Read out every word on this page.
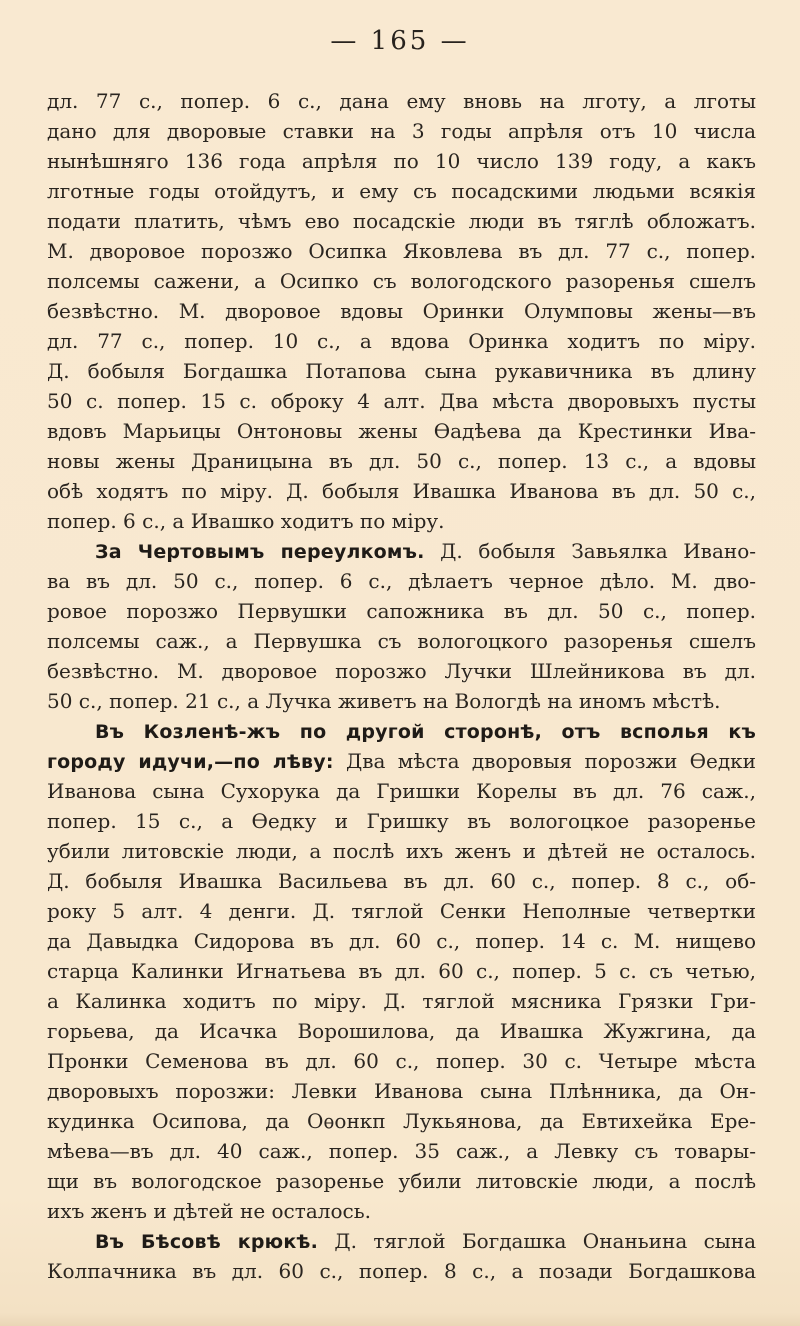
— 165 —
дл. 77 с., попер. 6 с., дана ему вновь на лготу, а лготы
дано для дворовые ставки на 3 годы апрѣля отъ 10 числа
нынѣшняго 136 года апрѣля по 10 число 139 году, а какъ
лготные годы отойдутъ, и ему съ посадскими людьми всякія
подати платить, чѣмъ ево посадскіе люди въ тяглѣ обложатъ.
М. дворовое порозжо Осипка Яковлева въ дл. 77 с., попер.
полсемы сажени, а Осипко съ вологодского разоренья сшелъ
безвѣстно. М. дворовое вдовы Оринки Олумповы жены—въ
дл. 77 с., попер. 10 с., а вдова Оринка ходитъ по міру.
Д. бобыля Богдашка Потапова сына рукавичника въ длину
50 с. попер. 15 с. оброку 4 алт. Два мѣста дворовыхъ пусты
вдовъ Марьицы Онтоновы жены Ѳадѣева да Крестинки Ива-
новы жены Драницына въ дл. 50 с., попер. 13 с., а вдовы
обѣ ходятъ по міру. Д. бобыля Ивашка Иванова въ дл. 50 с.,
попер. 6 с., а Ивашко ходитъ по міру.
За Чертовымъ переулкомъ. Д. бобыля Завьялка Ивано-
ва въ дл. 50 с., попер. 6 с., дѣлаетъ черное дѣло. М. дво-
ровое порозжо Первушки сапожника въ дл. 50 с., попер.
полсемы саж., а Первушка съ вологоцкого разоренья сшелъ
безвѣстно. М. дворовое порозжо Лучки Шлейникова въ дл.
50 с., попер. 21 с., а Лучка живетъ на Вологдѣ на иномъ мѣстѣ.
Въ Козленѣ-жъ по другой сторонѣ, отъ всполья къ
городу идучи,—по лѣву: Два мѣста дворовыя порозжи Ѳедки
Иванова сына Сухорука да Гришки Корелы въ дл. 76 саж.,
попер. 15 с., а Ѳедку и Гришку въ вологоцкое разоренье
убили литовскіе люди, а послѣ ихъ женъ и дѣтей не осталось.
Д. бобыля Ивашка Васильева въ дл. 60 с., попер. 8 с., об-
року 5 алт. 4 денги. Д. тяглой Сенки Неполные четвертки
да Давыдка Сидорова въ дл. 60 с., попер. 14 с. М. нищево
старца Калинки Игнатьева въ дл. 60 с., попер. 5 с. съ четью,
а Калинка ходитъ по міру. Д. тяглой мясника Грязки Гри-
горьева, да Исачка Ворошилова, да Ивашка Жужгина, да
Пронки Семенова въ дл. 60 с., попер. 30 с. Четыре мѣста
дворовыхъ порозжи: Левки Иванова сына Плѣнника, да Он-
кудинка Осипова, да Оѳонкп Лукьянова, да Евтихейка Ере-
мѣева—въ дл. 40 саж., попер. 35 саж., а Левку съ товары-
щи въ вологодское разоренье убили литовскіе люди, а послѣ
ихъ женъ и дѣтей не осталось.
Въ Бѣсовѣ крюкѣ. Д. тяглой Богдашка Онаньина сына
Колпачника въ дл. 60 с., попер. 8 с., а позади Богдашкова
